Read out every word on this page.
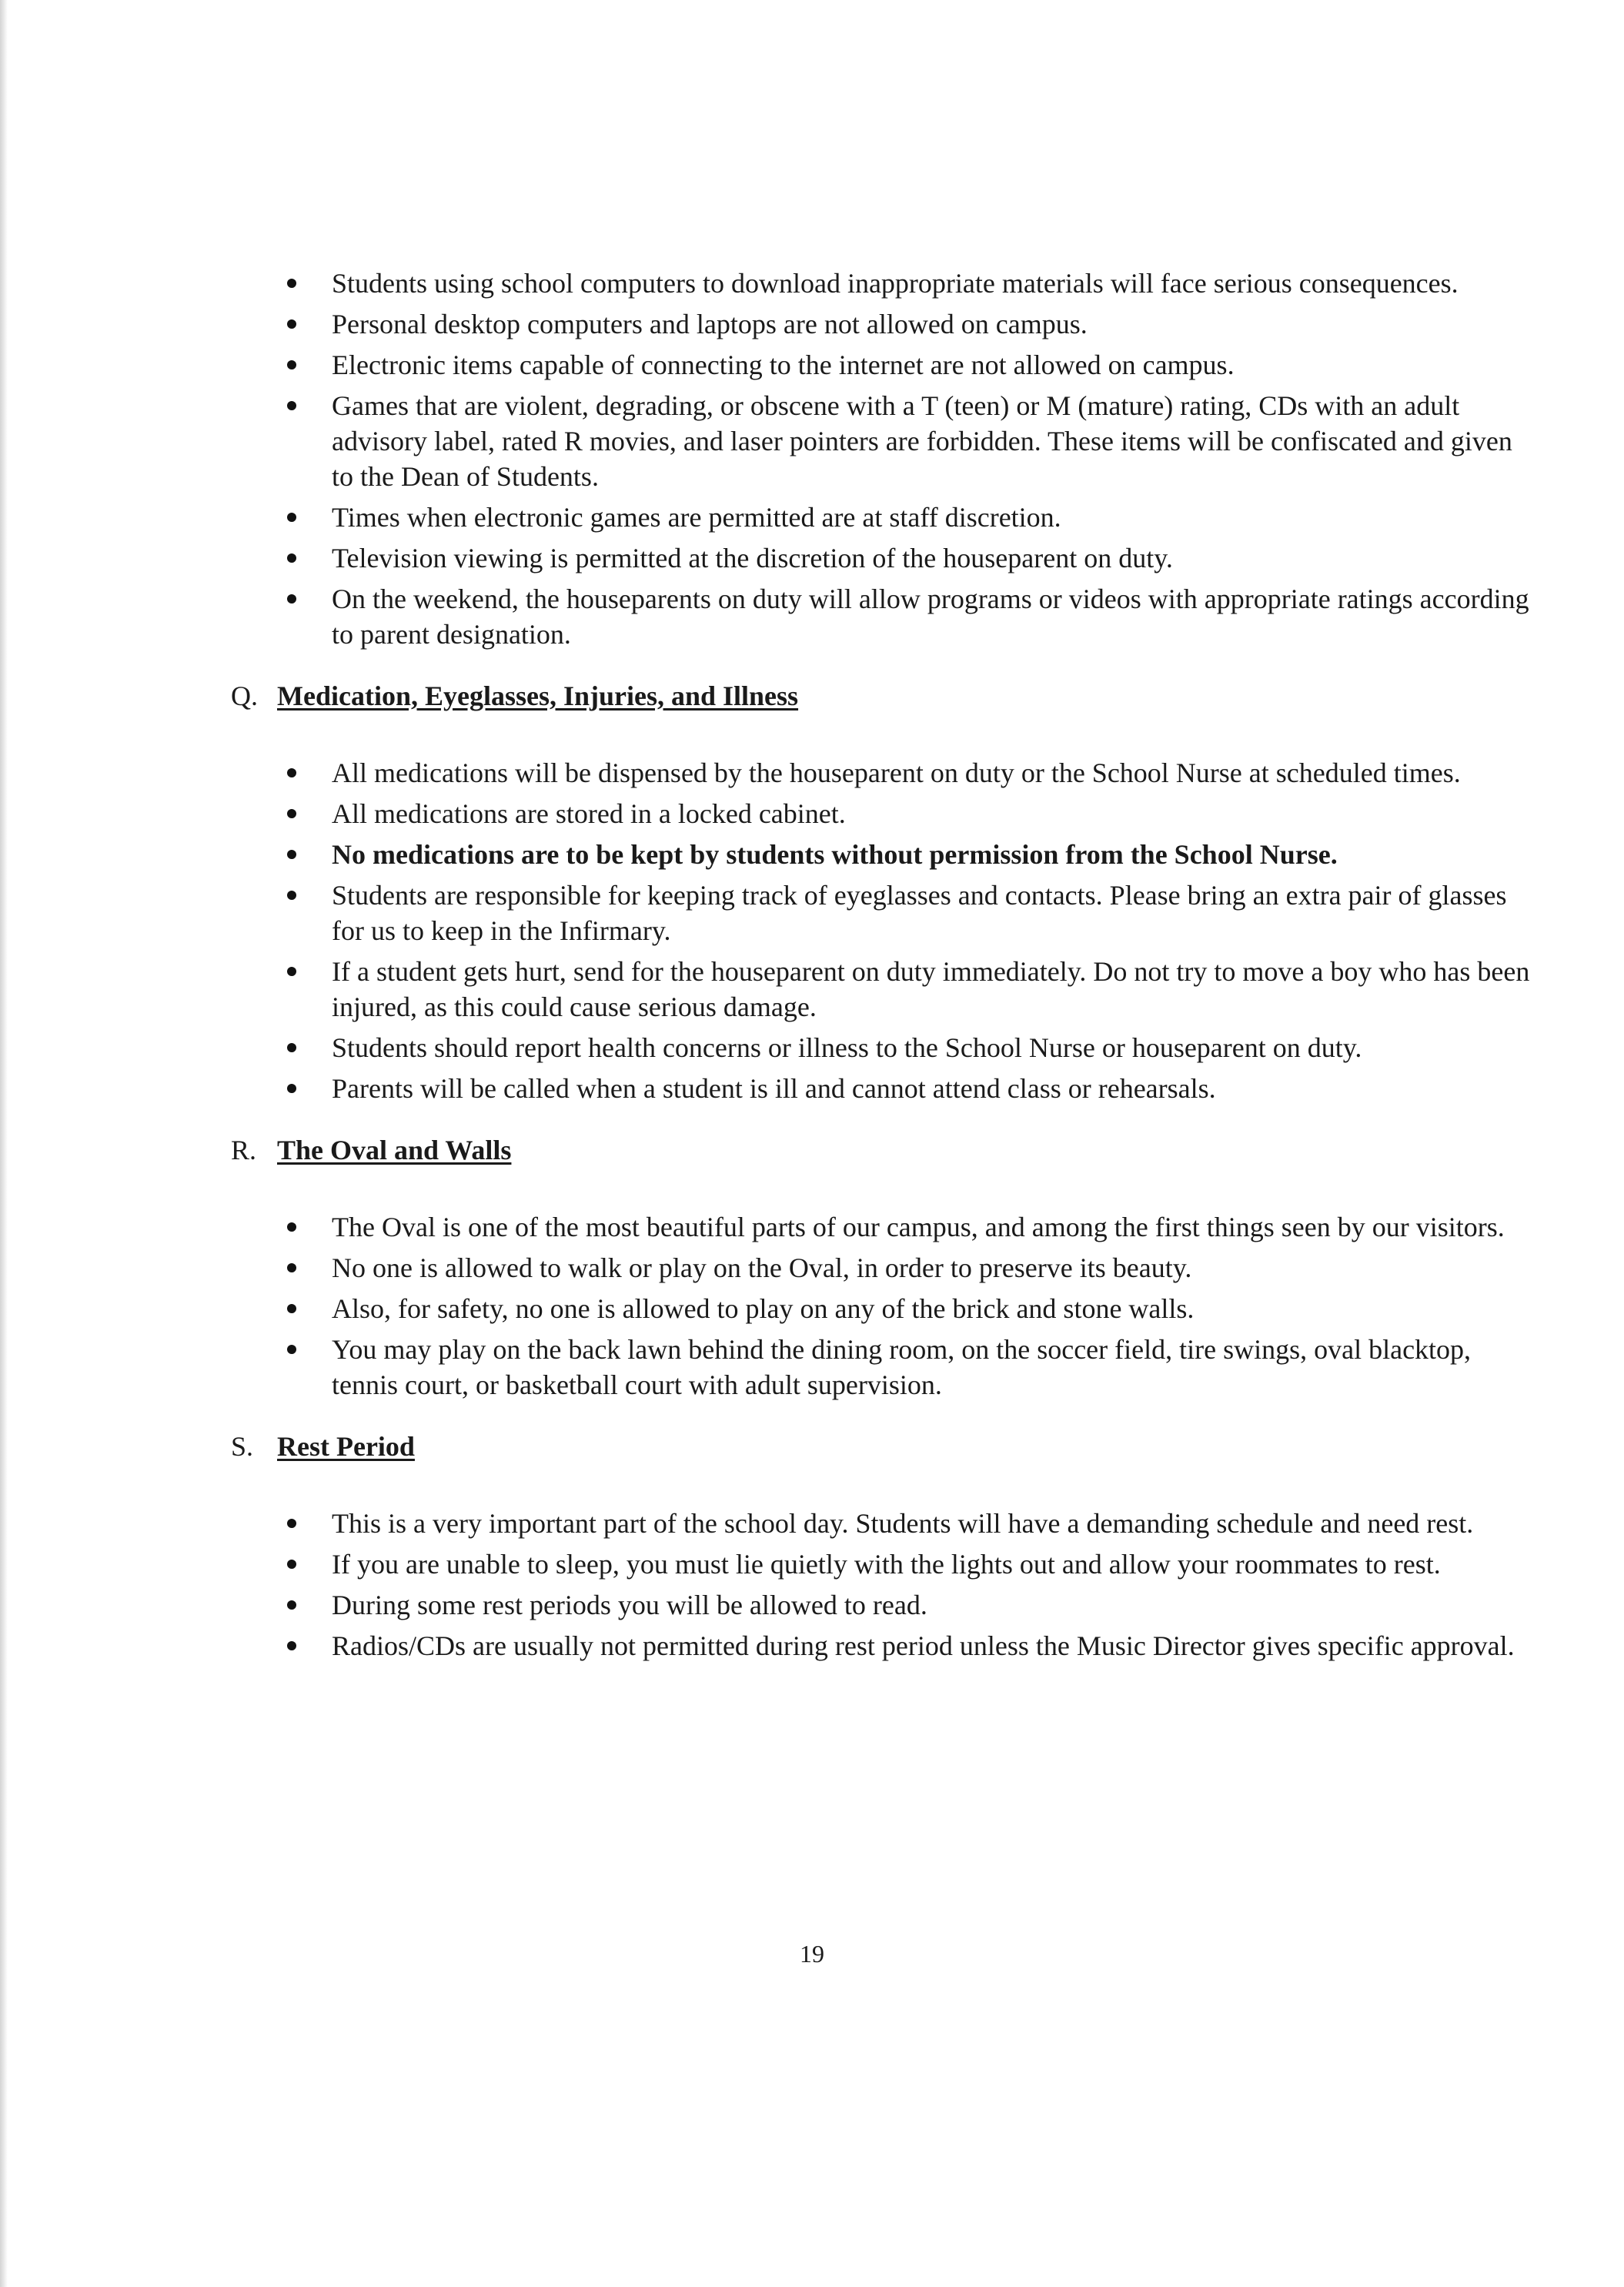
Students using school computers to download inappropriate materials will face serious consequences.
Personal desktop computers and laptops are not allowed on campus.
Electronic items capable of connecting to the internet are not allowed on campus.
Games that are violent, degrading, or obscene with a T (teen) or M (mature) rating, CDs with an adult advisory label, rated R movies, and laser pointers are forbidden. These items will be confiscated and given to the Dean of Students.
Times when electronic games are permitted are at staff discretion.
Television viewing is permitted at the discretion of the houseparent on duty.
On the weekend, the houseparents on duty will allow programs or videos with appropriate ratings according to parent designation.
Q. Medication, Eyeglasses, Injuries, and Illness
All medications will be dispensed by the houseparent on duty or the School Nurse at scheduled times.
All medications are stored in a locked cabinet.
No medications are to be kept by students without permission from the School Nurse.
Students are responsible for keeping track of eyeglasses and contacts. Please bring an extra pair of glasses for us to keep in the Infirmary.
If a student gets hurt, send for the houseparent on duty immediately. Do not try to move a boy who has been injured, as this could cause serious damage.
Students should report health concerns or illness to the School Nurse or houseparent on duty.
Parents will be called when a student is ill and cannot attend class or rehearsals.
R. The Oval and Walls
The Oval is one of the most beautiful parts of our campus, and among the first things seen by our visitors.
No one is allowed to walk or play on the Oval, in order to preserve its beauty.
Also, for safety, no one is allowed to play on any of the brick and stone walls.
You may play on the back lawn behind the dining room, on the soccer field, tire swings, oval blacktop, tennis court, or basketball court with adult supervision.
S. Rest Period
This is a very important part of the school day. Students will have a demanding schedule and need rest.
If you are unable to sleep, you must lie quietly with the lights out and allow your roommates to rest.
During some rest periods you will be allowed to read.
Radios/CDs are usually not permitted during rest period unless the Music Director gives specific approval.
19
